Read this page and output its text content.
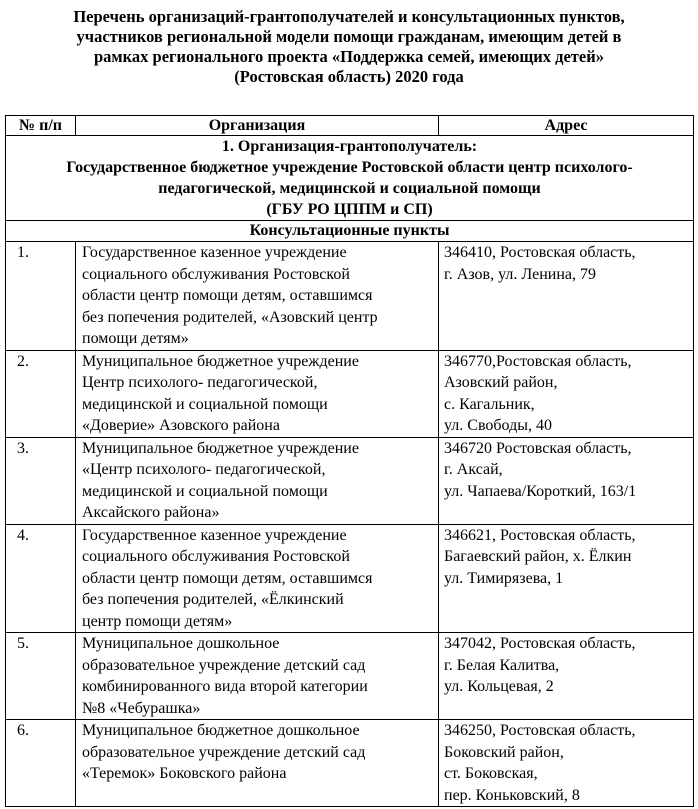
Перечень организаций-грантополучателей и консультационных пунктов,
участников региональной модели помощи гражданам, имеющим детей в
рамках регионального проекта «Поддержка семей, имеющих детей»
(Ростовская область) 2020 года
№ п/п	Организация	Адрес

1. Организация-грантополучатель:
Государственное бюджетное учреждение Ростовской области центр психолого-
педагогической, медицинской и социальной помощи
(ГБУ РО ЦППМ и СП)		

Консультационные пункты		
1.	Государственное казенное учреждение
социального обслуживания Ростовской
области центр помощи детям, оставшимся
без попечения родителей, «Азовский центр
помощи детям»	346410, Ростовская область,
г. Азов, ул. Ленина, 79

2.	Муниципальное бюджетное учреждение
Центр психолого- педагогической,
медицинской и социальной помощи
«Доверие» Азовского района	346770,Ростовская область,
Азовский район,
с. Кагальник,
ул. Свободы, 40

3.	Муниципальное бюджетное учреждение
«Центр психолого- педагогической,
медицинской и социальной помощи
Аксайского района»	346720 Ростовская область,
г. Аксай,
ул. Чапаева/Короткий, 163/1

4.	Государственное казенное учреждение
социального обслуживания Ростовской
области центр помощи детям, оставшимся
без попечения родителей, «Ёлкинский
центр помощи детям»	346621, Ростовская область,
Багаевский район, х. Ёлкин
ул. Тимирязева, 1

5.	Муниципальное дошкольное
образовательное учреждение детский сад
комбинированного вида второй категории
№8 «Чебурашка»	347042, Ростовская область,
г. Белая Калитва,
ул. Кольцевая, 2

6.	Муниципальное бюджетное дошкольное
образовательное учреждение детский сад
«Теремок» Боковского района	346250, Ростовская область,
Боковский район,
ст. Боковская,
пер. Коньковский, 8
